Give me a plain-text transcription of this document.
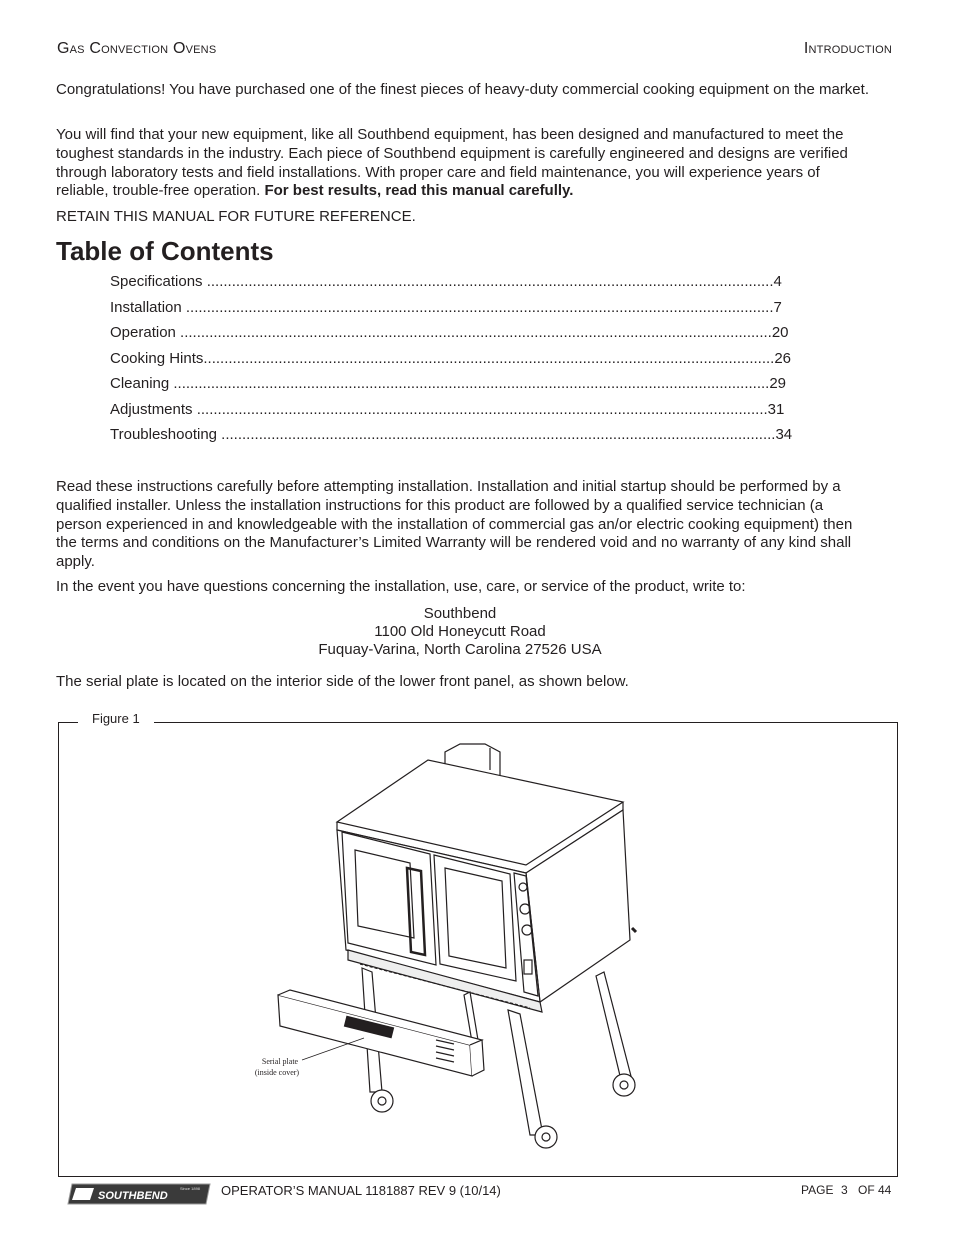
Gas Convection Ovens	Introduction

Congratulations! You have purchased one of the finest pieces of heavy-duty commercial cooking equipment on the market.

You will find that your new equipment, like all Southbend equipment, has been designed and manufactured to meet the toughest standards in the industry. Each piece of Southbend equipment is carefully engineered and designs are verified through laboratory tests and field installations. With proper care and field maintenance, you will experience years of reliable, trouble-free operation. For best results, read this manual carefully.

RETAIN THIS MANUAL FOR FUTURE REFERENCE.

Table of Contents
Specifications ........................................................................................................................................4
Installation .............................................................................................................................................7
Operation ..............................................................................................................................................20
Cooking Hints.........................................................................................................................................26
Cleaning ...............................................................................................................................................29
Adjustments .........................................................................................................................................31
Troubleshooting .....................................................................................................................................34

Read these instructions carefully before attempting installation. Installation and initial startup should be performed by a qualified installer. Unless the installation instructions for this product are followed by a qualified service technician (a person experienced in and knowledgeable with the installation of commercial gas an/or electric cooking equipment) then the terms and conditions on the Manufacturer’s Limited Warranty will be rendered void and no warranty of any kind shall apply.

In the event you have questions concerning the installation, use, care, or service of the product, write to:

Southbend

1100 Old Honeycutt Road

Fuquay-Varina, North Carolina 27526 USA

The serial plate is located on the interior side of the lower front panel, as shown below.

Figure 1
Serial plate
(inside cover)
SOUTHBEND
Since 1898 OPERATOR’S MANUAL 1181887 REV 9 (10/14)	PAGE 3 OF 44
